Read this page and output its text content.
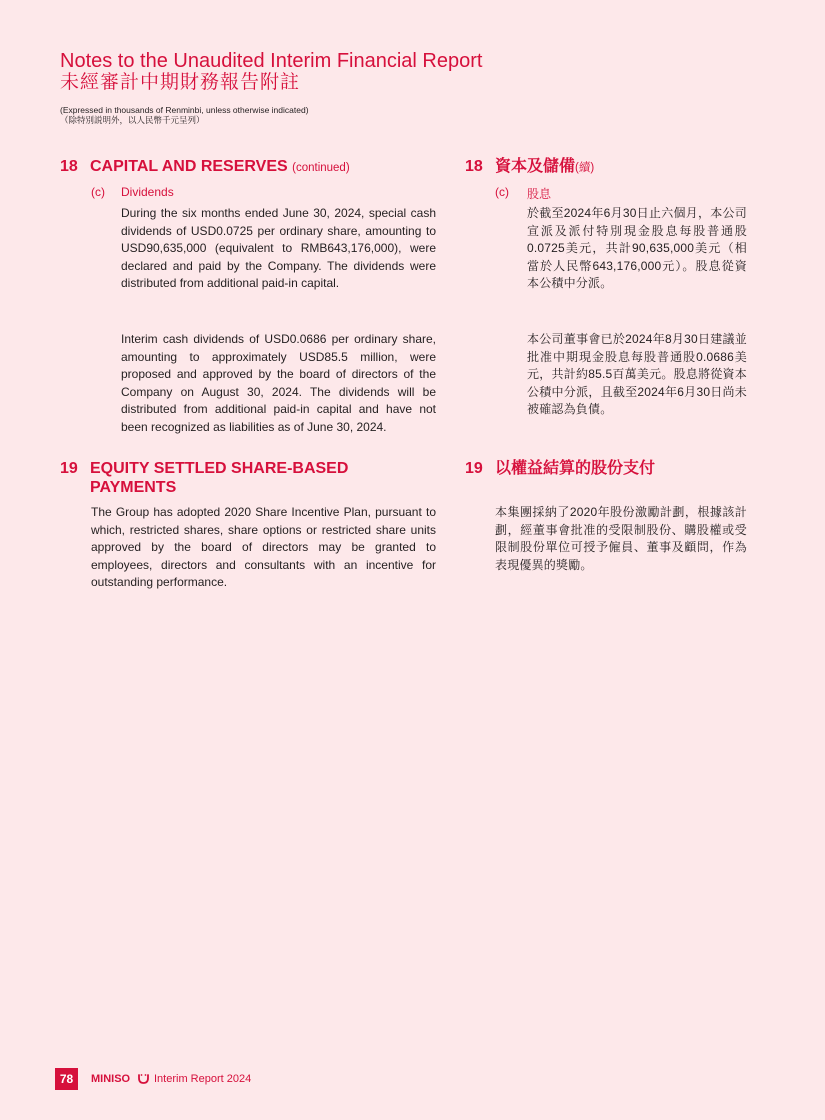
Notes to the Unaudited Interim Financial Report
未經審計中期財務報告附註
(Expressed in thousands of Renminbi, unless otherwise indicated)
（除特別説明外，以人民幣千元呈列）
18 CAPITAL AND RESERVES (continued)
(c) Dividends
During the six months ended June 30, 2024, special cash dividends of USD0.0725 per ordinary share, amounting to USD90,635,000 (equivalent to RMB643,176,000), were declared and paid by the Company. The dividends were distributed from additional paid-in capital.
Interim cash dividends of USD0.0686 per ordinary share, amounting to approximately USD85.5 million, were proposed and approved by the board of directors of the Company on August 30, 2024. The dividends will be distributed from additional paid-in capital and have not been recognized as liabilities as of June 30, 2024.
19 EQUITY SETTLED SHARE-BASED PAYMENTS
The Group has adopted 2020 Share Incentive Plan, pursuant to which, restricted shares, share options or restricted share units approved by the board of directors may be granted to employees, directors and consultants with an incentive for outstanding performance.
18 資本及儲備(續)
(c) 股息
於截至2024年6月30日止六個月，本公司宣派及派付特別現金股息每股普通股0.0725美元，共計90,635,000美元（相當於人民幣643,176,000元）。股息從資本公積中分派。
本公司董事會已於2024年8月30日建議並批准中期現金股息每股普通股0.0686美元，共計約85.5百萬美元。股息將從資本公積中分派，且截至2024年6月30日尚未被確認為負債。
19 以權益結算的股份支付
本集團採納了2020年股份激勵計劃，根據該計劃，經董事會批准的受限制股份、購股權或受限制股份單位可授予僱員、董事及顧問，作為表現優異的獎勵。
78	MINISO Interim Report 2024
